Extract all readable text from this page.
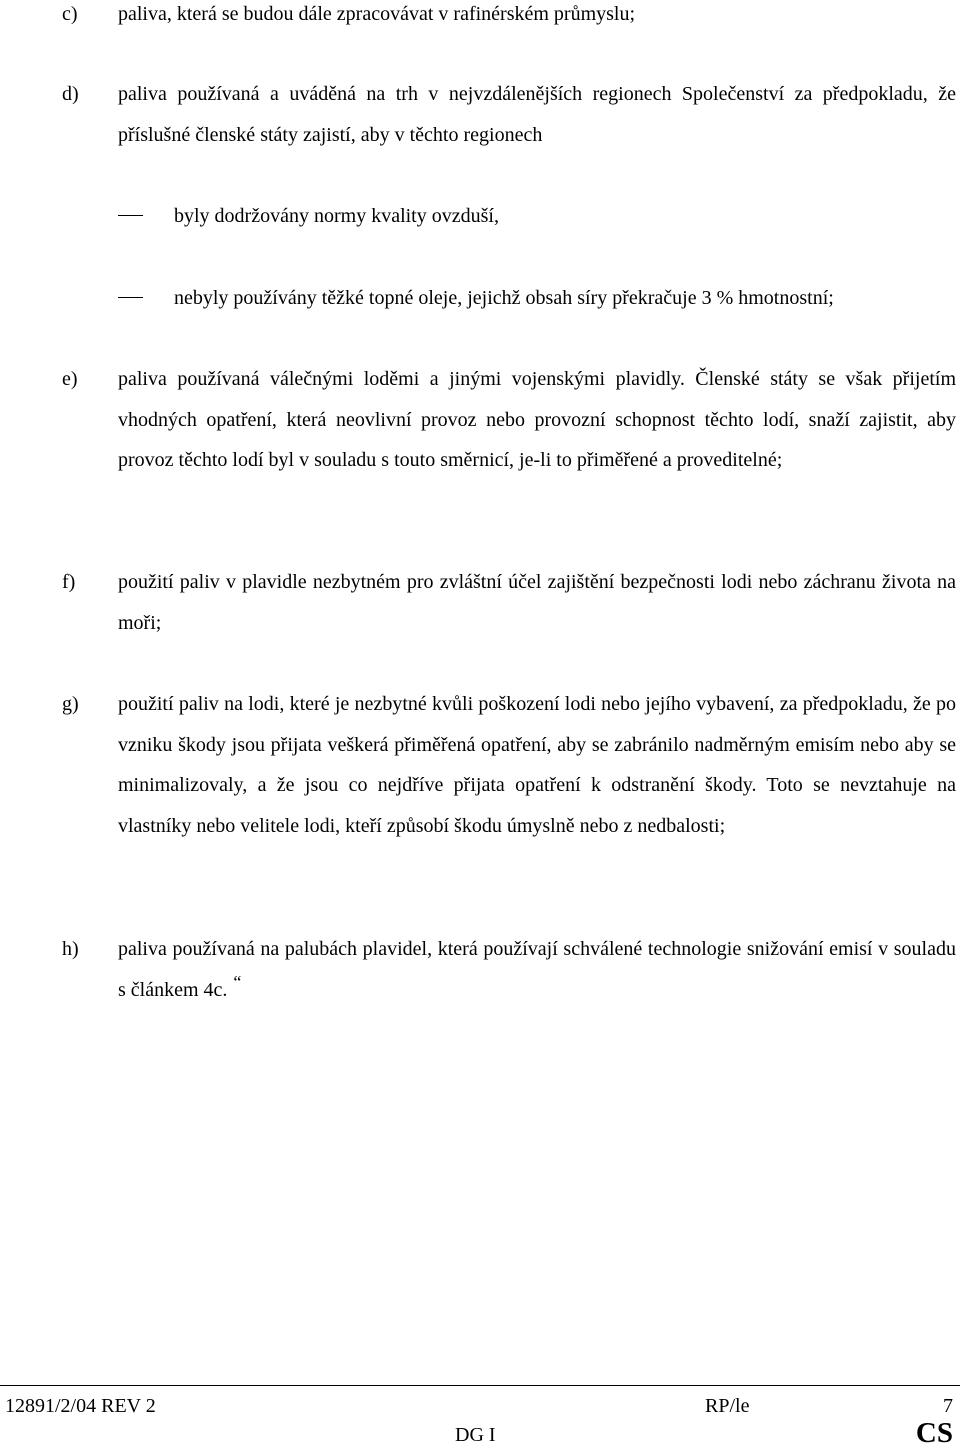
c) paliva, která se budou dále zpracovávat v rafinérském průmyslu;
d) paliva používaná a uváděná na trh v nejvzdálenějších regionech Společenství za předpokladu, že příslušné členské státy zajistí, aby v těchto regionech
byly dodržovány normy kvality ovzduší,
nebyly používány těžké topné oleje, jejichž obsah síry překračuje 3 % hmotnostní;
e) paliva používaná válečnými loděmi a jinými vojenskými plavidly. Členské státy se však přijetím vhodných opatření, která neovlivní provoz nebo provozní schopnost těchto lodí, snaží zajistit, aby provoz těchto lodí byl v souladu s touto směrnicí, je-li to přiměřené a proveditelné;
f) použití paliv v plavidle nezbytném pro zvláštní účel zajištění bezpečnosti lodi nebo záchranu života na moři;
g) použití paliv na lodi, které je nezbytné kvůli poškození lodi nebo jejího vybavení, za předpokladu, že po vzniku škody jsou přijata veškerá přiměřená opatření, aby se zabránilo nadměrným emisím nebo aby se minimalizovaly, a že jsou co nejdříve přijata opatření k odstranění škody. Toto se nevztahuje na vlastníky nebo velitele lodi, kteří způsobí škodu úmyslně nebo z nedbalosti;
h) paliva používaná na palubách plavidel, která používají schválené technologie snižování emisí v souladu s článkem 4c. “
12891/2/04 REV 2	RP/le	7
DG I	CS
